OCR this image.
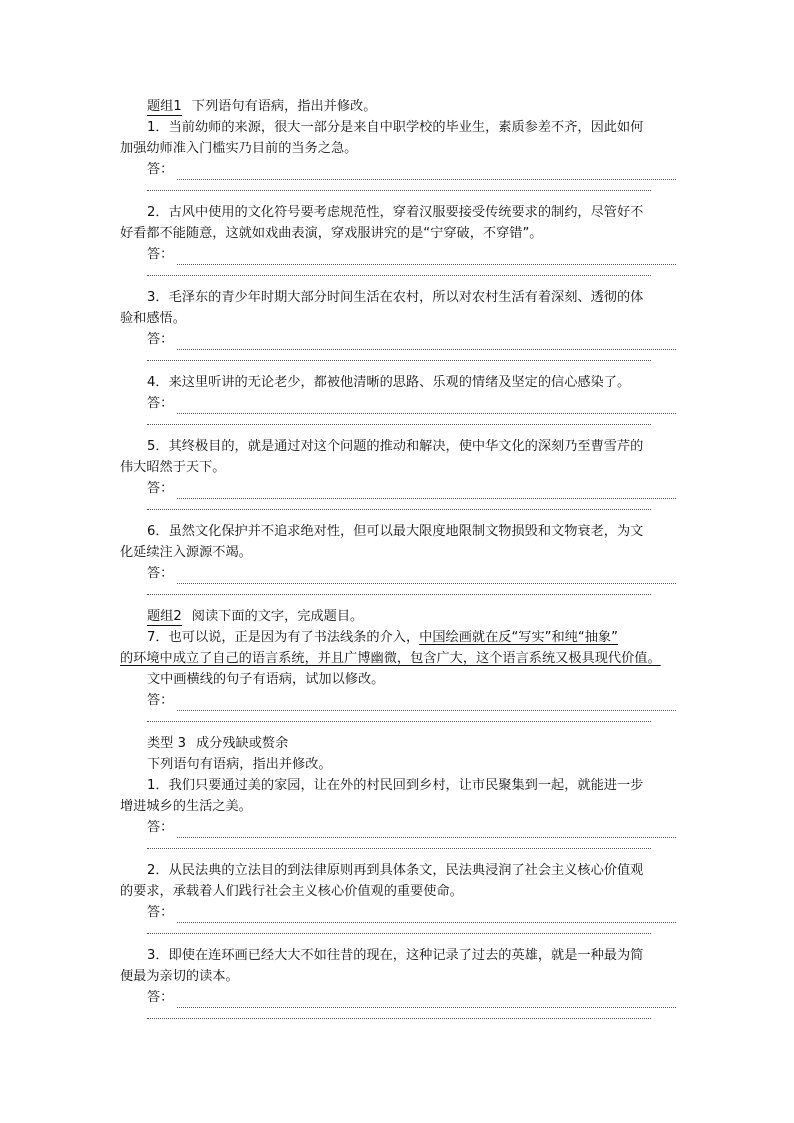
题组1 下列语句有语病，指出并修改。
1．当前幼师的来源，很大一部分是来自中职学校的毕业生，素质参差不齐，因此如何
加强幼师准入门槛实乃目前的当务之急。
答：
2．古风中使用的文化符号要考虑规范性，穿着汉服要接受传统要求的制约，尽管好不
好看都不能随意，这就如戏曲表演，穿戏服讲究的是“宁穿破，不穿错”。
答：
3．毛泽东的青少年时期大部分时间生活在农村，所以对农村生活有着深刻、透彻的体
验和感悟。
答：
4．来这里听讲的无论老少，都被他清晰的思路、乐观的情绪及坚定的信心感染了。
答：
5．其终极目的，就是通过对这个问题的推动和解决，使中华文化的深刻乃至曹雪芹的
伟大昭然于天下。
答：
6．虽然文化保护并不追求绝对性，但可以最大限度地限制文物损毁和文物衰老，为文
化延续注入源源不竭。
答：
题组2 阅读下面的文字，完成题目。
7．也可以说，正是因为有了书法线条的介入，中国绘画就在反“写实”和纯“抽象”
的环境中成立了自己的语言系统，并且广博幽微，包含广大，这个语言系统又极具现代价值。
文中画横线的句子有语病，试加以修改。
答：
类型 3 成分残缺或赘余
下列语句有语病，指出并修改。
1．我们只要通过美的家园，让在外的村民回到乡村，让市民聚集到一起，就能进一步
增进城乡的生活之美。
答：
2．从民法典的立法目的到法律原则再到具体条文，民法典浸润了社会主义核心价值观
的要求，承载着人们践行社会主义核心价值观的重要使命。
答：
3．即使在连环画已经大大不如往昔的现在，这种记录了过去的英雄，就是一种最为简
便最为亲切的读本。
答：
